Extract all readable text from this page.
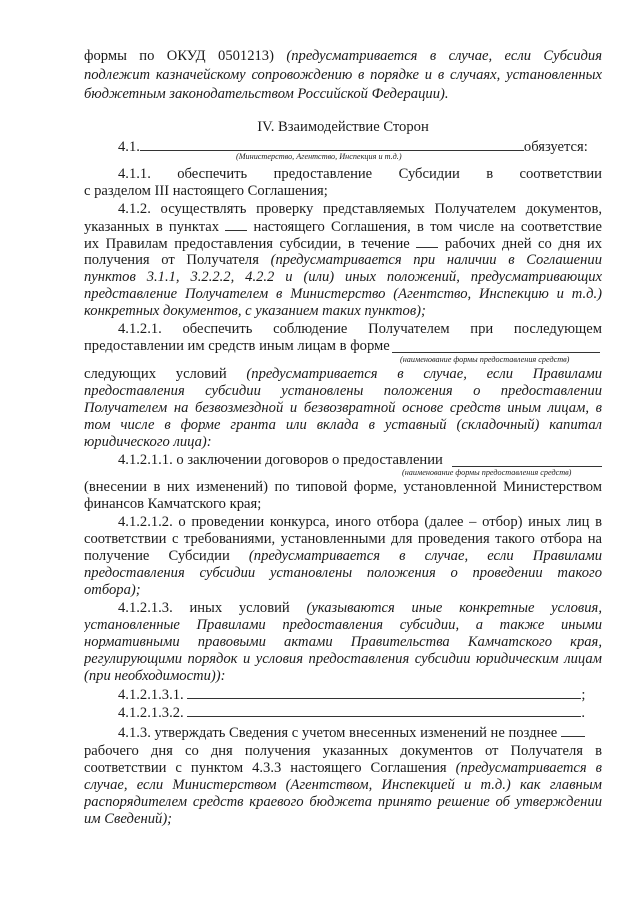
формы по ОКУД 0501213) (предусматривается в случае, если Субсидия
подлежит казначейскому сопровождению в порядке и в случаях, установленных
бюджетным законодательством Российской Федерации).
IV. Взаимодействие Сторон
4.1.	обязуется:
(Министерство, Агентство, Инспекция и т.д.)
4.1.1. обеспечить предоставление Субсидии в соответствии
с разделом III настоящего Соглашения;
4.1.2. осуществлять проверку представляемых Получателем документов,
указанных в пунктах  настоящего Соглашения, в том числе на соответствие
их Правилам предоставления субсидии, в течение  рабочих дней со дня их
получения от Получателя (предусматривается при наличии в Соглашении
пунктов 3.1.1, 3.2.2.2, 4.2.2 и (или) иных положений, предусматривающих
представление Получателем в Министерство (Агентство, Инспекцию и т.д.)
конкретных документов, с указанием таких пунктов);
4.1.2.1. обеспечить соблюдение Получателем при последующем
предоставлении им средств иным лицам в форме
(наименование формы предоставления средств)
следующих условий (предусматривается в случае, если Правилами
предоставления субсидии установлены положения о предоставлении
Получателем на безвозмездной и безвозвратной основе средств иным лицам, в
том числе в форме гранта или вклада в уставный (складочный) капитал
юридического лица):
4.1.2.1.1. о заключении договоров о предоставлении
(наименование формы предоставления средств)
(внесении в них изменений) по типовой форме, установленной Министерством
финансов Камчатского края;
4.1.2.1.2. о проведении конкурса, иного отбора (далее – отбор) иных лиц в
соответствии с требованиями, установленными для проведения такого отбора на
получение Субсидии (предусматривается в случае, если Правилами
предоставления субсидии установлены положения о проведении такого
отбора);
4.1.2.1.3. иных условий (указываются иные конкретные условия,
установленные Правилами предоставления субсидии, а также иными
нормативными правовыми актами Правительства Камчатского края,
регулирующими порядок и условия предоставления субсидии юридическим лицам
(при необходимости)):
4.1.2.1.3.1.	;
4.1.2.1.3.2.	.
4.1.3. утверждать Сведения с учетом внесенных изменений не позднее
рабочего дня со дня получения указанных документов от Получателя в
соответствии с пунктом 4.3.3 настоящего Соглашения (предусматривается в
случае, если Министерством (Агентством, Инспекцией и т.д.) как главным
распорядителем средств краевого бюджета принято решение об утверждении
им Сведений);
